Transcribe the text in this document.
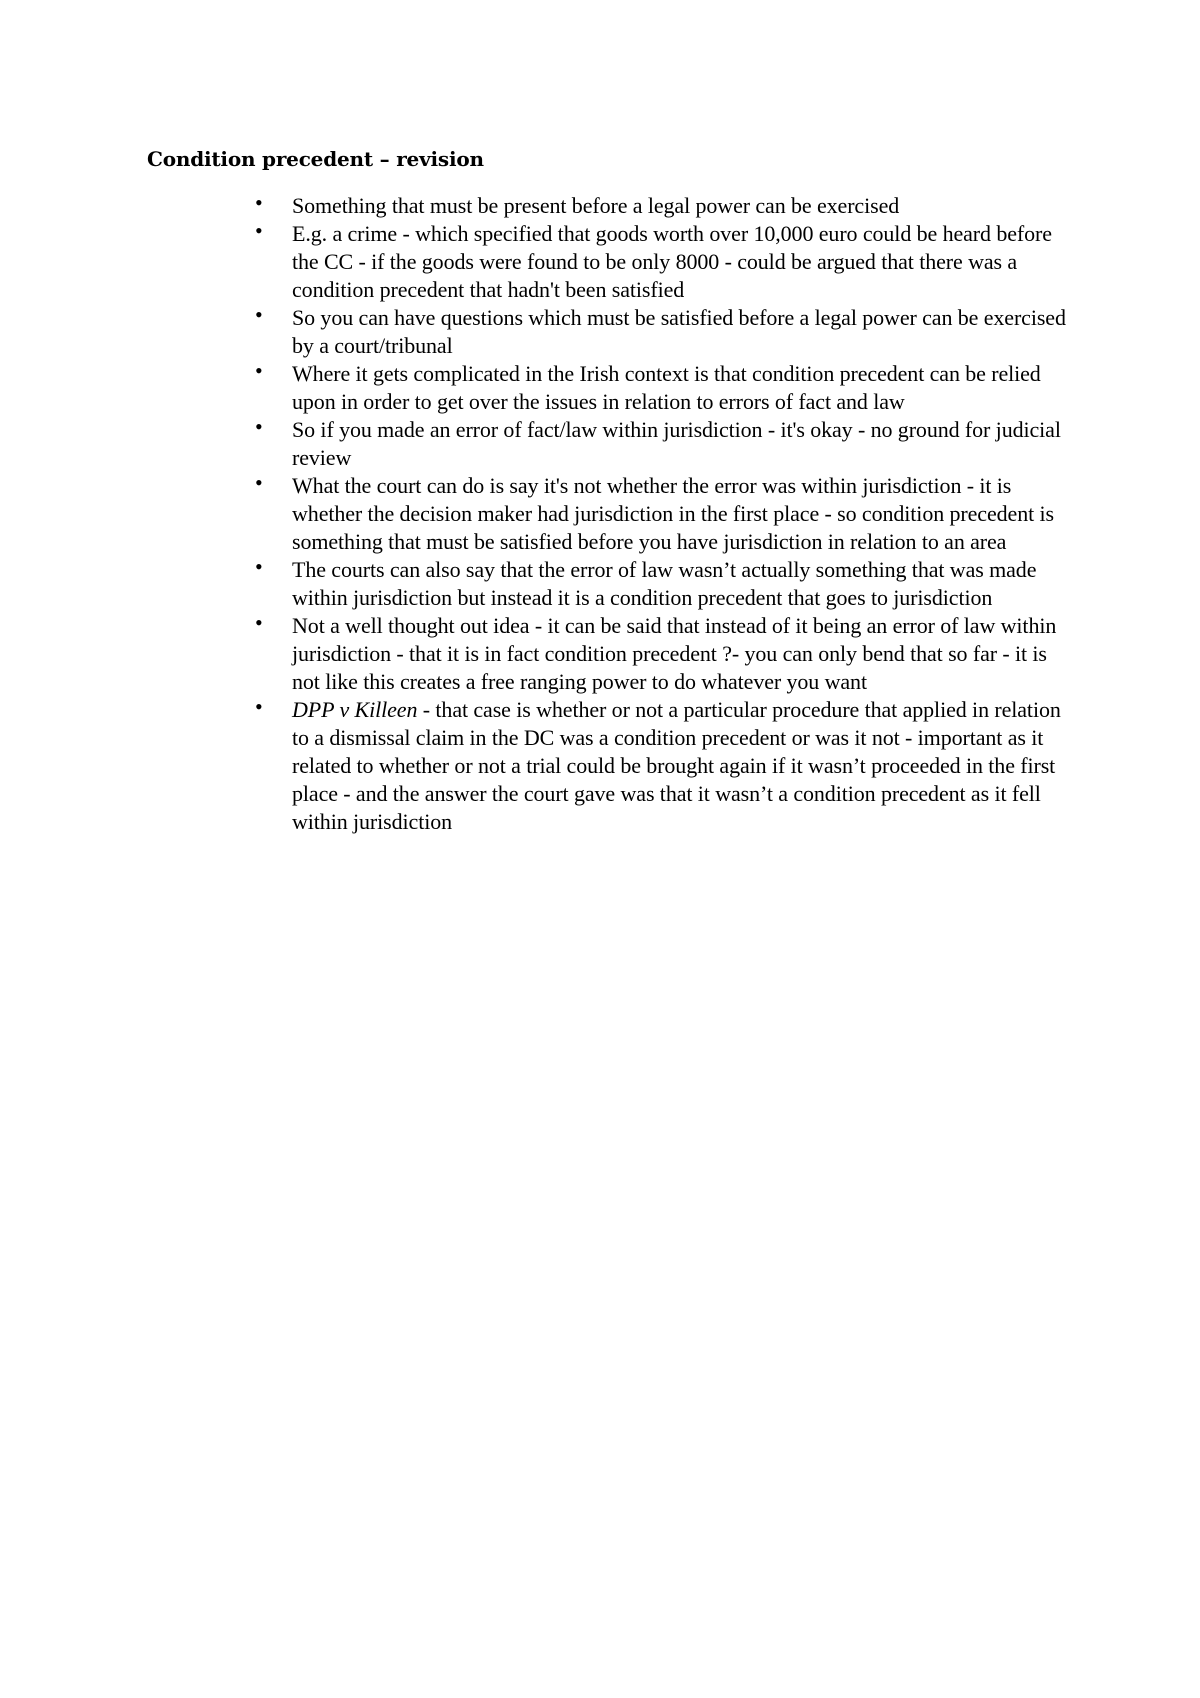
Condition precedent – revision
• Something that must be present before a legal power can be exercised
• E.g. a crime - which specified that goods worth over 10,000 euro could be heard before the CC - if the goods were found to be only 8000 - could be argued that there was a condition precedent that hadn't been satisfied
• So you can have questions which must be satisfied before a legal power can be exercised by a court/tribunal
• Where it gets complicated in the Irish context is that condition precedent can be relied upon in order to get over the issues in relation to errors of fact and law
• So if you made an error of fact/law within jurisdiction - it's okay - no ground for judicial review
• What the court can do is say it's not whether the error was within jurisdiction - it is whether the decision maker had jurisdiction in the first place - so condition precedent is something that must be satisfied before you have jurisdiction in relation to an area
• The courts can also say that the error of law wasn’t actually something that was made within jurisdiction but instead it is a condition precedent that goes to jurisdiction
• Not a well thought out idea - it can be said that instead of it being an error of law within jurisdiction - that it is in fact condition precedent ?- you can only bend that so far - it is not like this creates a free ranging power to do whatever you want
• DPP v Killeen - that case is whether or not a particular procedure that applied in relation to a dismissal claim in the DC was a condition precedent or was it not - important as it related to whether or not a trial could be brought again if it wasn’t proceeded in the first place - and the answer the court gave was that it wasn’t a condition precedent as it fell within jurisdiction
